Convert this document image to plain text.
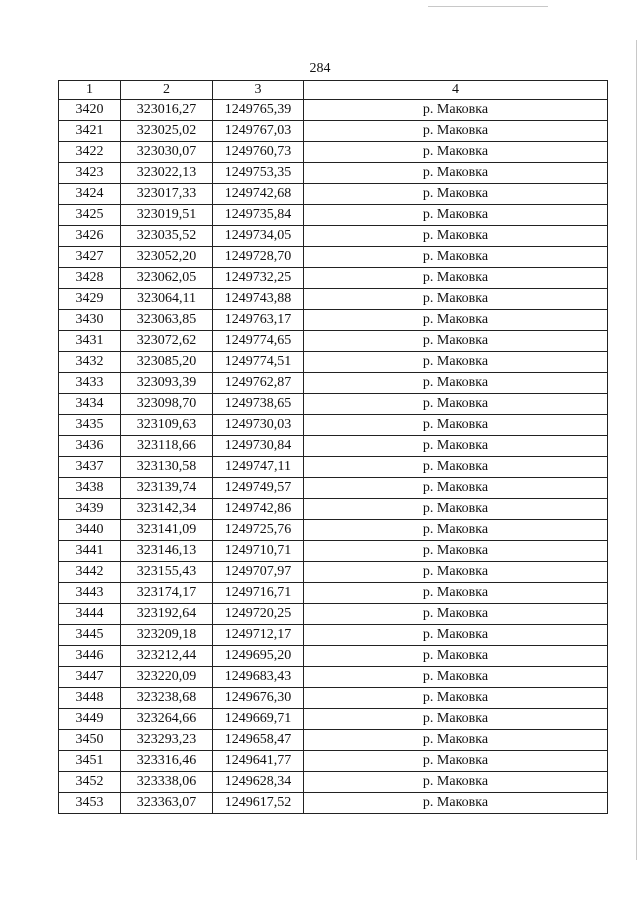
284
1	2	3	4
3420	323016,27	1249765,39	р. Маковка
3421	323025,02	1249767,03	р. Маковка
3422	323030,07	1249760,73	р. Маковка
3423	323022,13	1249753,35	р. Маковка
3424	323017,33	1249742,68	р. Маковка
3425	323019,51	1249735,84	р. Маковка
3426	323035,52	1249734,05	р. Маковка
3427	323052,20	1249728,70	р. Маковка
3428	323062,05	1249732,25	р. Маковка
3429	323064,11	1249743,88	р. Маковка
3430	323063,85	1249763,17	р. Маковка
3431	323072,62	1249774,65	р. Маковка
3432	323085,20	1249774,51	р. Маковка
3433	323093,39	1249762,87	р. Маковка
3434	323098,70	1249738,65	р. Маковка
3435	323109,63	1249730,03	р. Маковка
3436	323118,66	1249730,84	р. Маковка
3437	323130,58	1249747,11	р. Маковка
3438	323139,74	1249749,57	р. Маковка
3439	323142,34	1249742,86	р. Маковка
3440	323141,09	1249725,76	р. Маковка
3441	323146,13	1249710,71	р. Маковка
3442	323155,43	1249707,97	р. Маковка
3443	323174,17	1249716,71	р. Маковка
3444	323192,64	1249720,25	р. Маковка
3445	323209,18	1249712,17	р. Маковка
3446	323212,44	1249695,20	р. Маковка
3447	323220,09	1249683,43	р. Маковка
3448	323238,68	1249676,30	р. Маковка
3449	323264,66	1249669,71	р. Маковка
3450	323293,23	1249658,47	р. Маковка
3451	323316,46	1249641,77	р. Маковка
3452	323338,06	1249628,34	р. Маковка
3453	323363,07	1249617,52	р. Маковка
